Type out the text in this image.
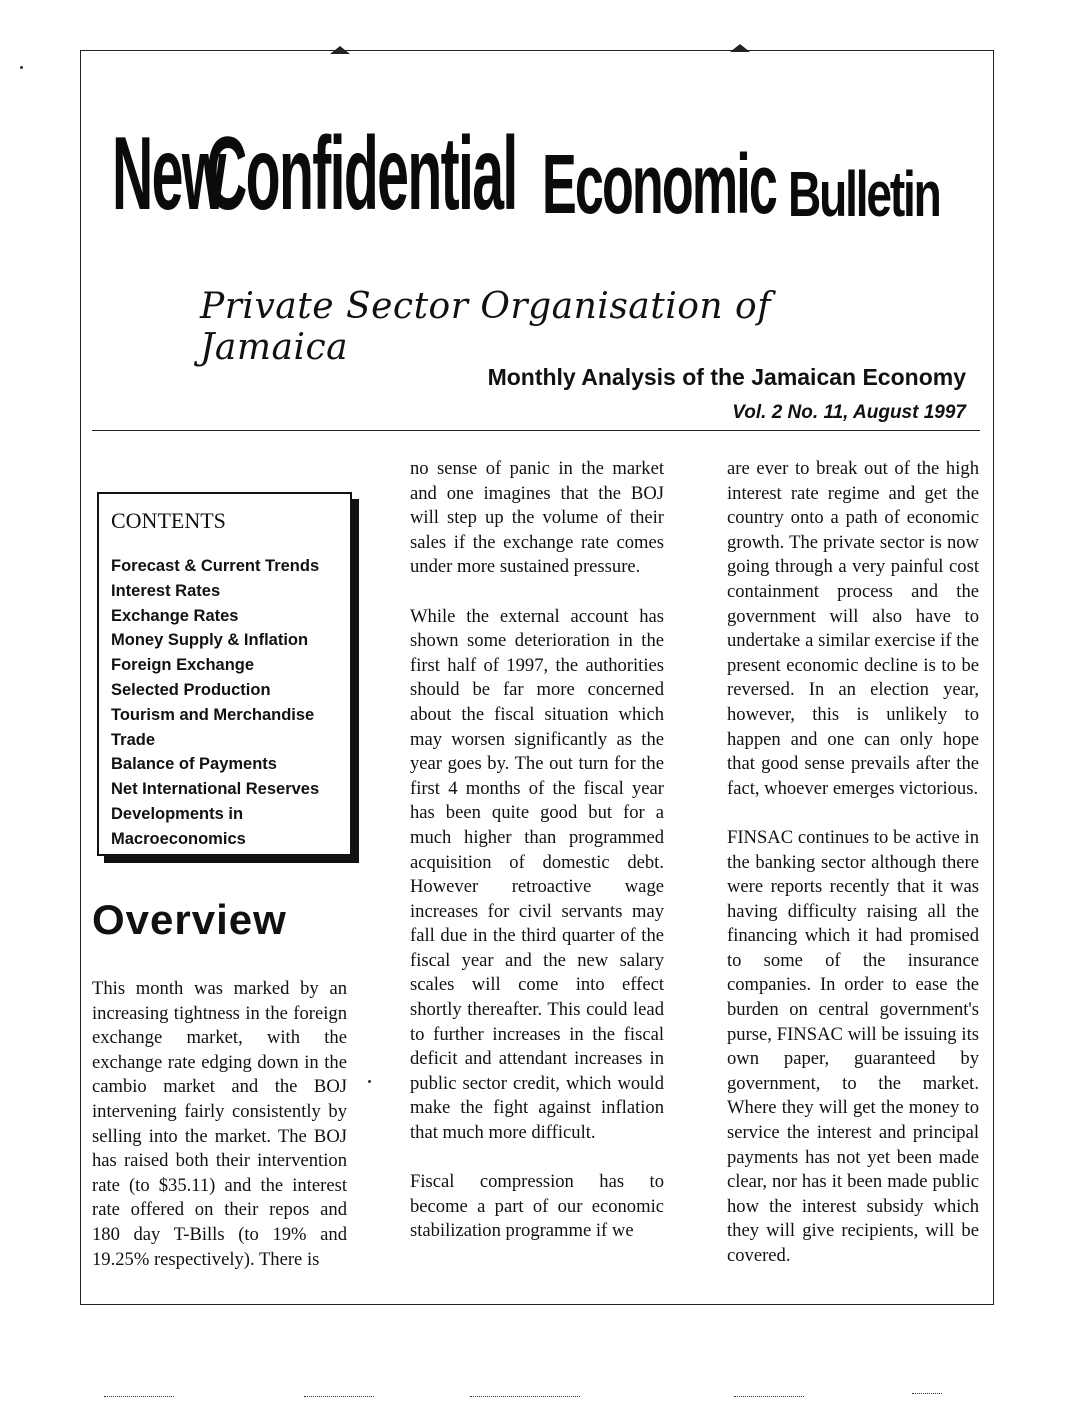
New
Confidential Economic Bulletin
Private Sector Organisation of Jamaica
Monthly Analysis of the Jamaican Economy
Vol. 2 No. 11, August 1997
CONTENTS
Forecast & Current Trends
Interest Rates
Exchange Rates
Money Supply & Inflation
Foreign Exchange
Selected Production
Tourism and Merchandise
Trade
Balance of Payments
Net International Reserves
Developments in
Macroeconomics
Overview

This month was marked by an increasing tightness in the foreign exchange market, with the exchange rate edging down in the cambio market and the BOJ intervening fairly consistently by selling into the market. The BOJ has raised both their intervention rate (to $35.11) and the interest rate offered on their repos and 180 day T-Bills (to 19% and 19.25% respectively). There is

no sense of panic in the market and one imagines that the BOJ will step up the volume of their sales if the exchange rate comes under more sustained pressure.

While the external account has shown some deterioration in the first half of 1997, the authorities should be far more concerned about the fiscal situation which may worsen significantly as the year goes by. The out turn for the first 4 months of the fiscal year has been quite good but for a much higher than programmed acquisition of domestic debt. However retroactive wage increases for civil servants may fall due in the third quarter of the fiscal year and the new salary scales will come into effect shortly thereafter. This could lead to further increases in the fiscal deficit and attendant increases in public sector credit, which would make the fight against inflation that much more difficult.

Fiscal compression has to become a part of our economic stabilization programme if we

are ever to break out of the high interest rate regime and get the country onto a path of economic growth. The private sector is now going through a very painful cost containment process and the government will also have to undertake a similar exercise if the present economic decline is to be reversed. In an election year, however, this is unlikely to happen and one can only hope that good sense prevails after the fact, whoever emerges victorious.

FINSAC continues to be active in the banking sector although there were reports recently that it was having difficulty raising all the financing which it had promised to some of the insurance companies. In order to ease the burden on central government's purse, FINSAC will be issuing its own paper, guaranteed by government, to the market. Where they will get the money to service the interest and principal payments has not yet been made clear, nor has it been made public how the interest subsidy which they will give recipients, will be covered.
